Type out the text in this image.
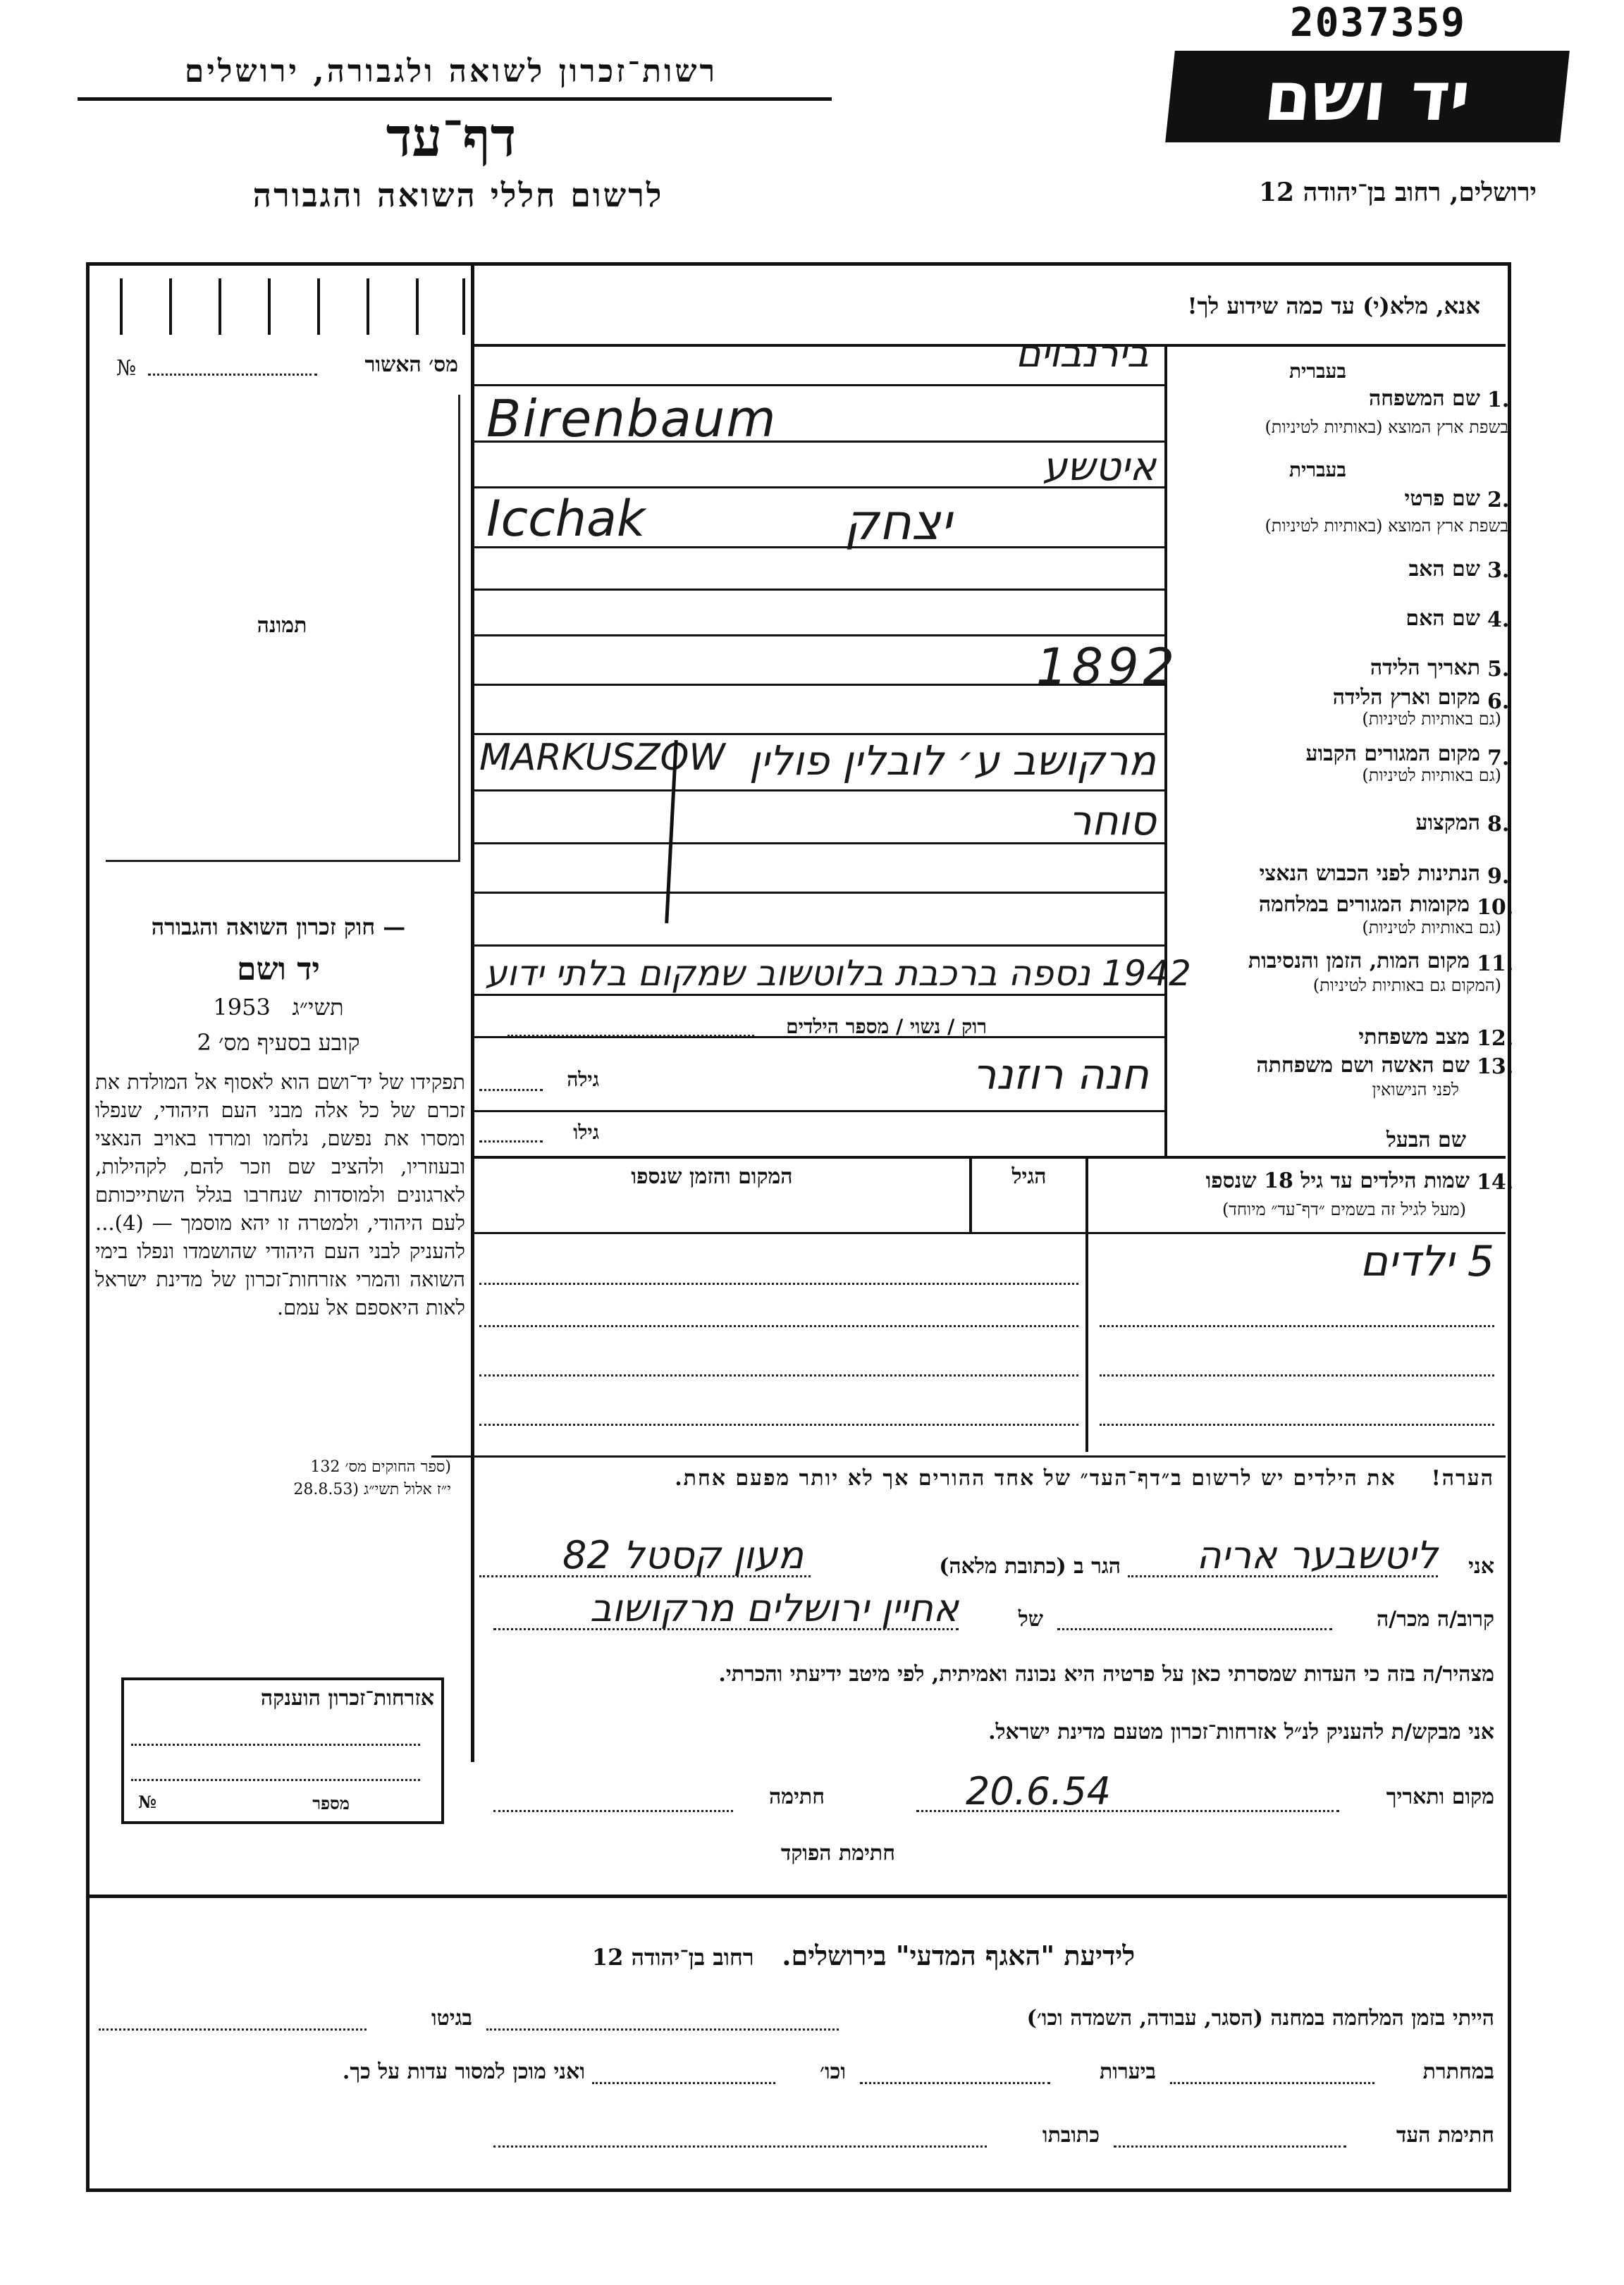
2037359
רשות־זכרון לשואה ולגבורה, ירושלים
דף־עד
לרשום חללי השואה והגבורה
יד ושם
ירושלים, רחוב בן־יהודה 12
№	מס׳ האשור
תמונה
— חוק זכרון השואה והגבורה
יד ושם
תשי״ג   1953
קובע בסעיף מס׳ 2
תפקידו של יד־ושם הוא לאסוף אל המולדת את זכרם של כל אלה מבני העם היהודי, שנפלו ומסרו את נפשם, נלחמו ומרדו באויב הנאצי ובעוזריו, ולהציב שם וזכר להם, לקהילות, לארגונים ולמוסדות שנחרבו בגלל השתייכותם לעם היהודי, ולמטרה זו יהא מוסמך — (4)... להעניק לבני העם היהודי שהושמדו ונפלו בימי השואה והמרי אזרחות־זכרון של מדינת ישראל לאות היאספם אל עמם.
(ספר החוקים מס׳ 132
י״ז אלול תשי״ג (28.8.53
אזרחות־זכרון הוענקה
מספר
№
אנא, מלא(י) עד כמה שידוע לך!
בעברית
1.
שם המשפחה
בשפת ארץ המוצא (באותיות לטיניות)
בעברית
2.
שם פרטי
בשפת ארץ המוצא (באותיות לטיניות)
3.
שם האב
4.
שם האם
5.
תאריך הלידה
6.
מקום וארץ הלידה
(גם באותיות לטיניות)
7.
מקום המגורים הקבוע
(גם באותיות לטיניות)
8.
המקצוע
9.
הנתינות לפני הכבוש הנאצי
10.
מקומות המגורים במלחמה
(גם באותיות לטיניות)
11.
מקום המות, הזמן והנסיבות
(המקום גם באותיות לטיניות)
12.
מצב משפחתי
13.
שם האשה ושם משפחתה
לפני הנישואין
שם הבעל
בירנבוים
Birenbaum
איטשע
יצחק
Icchak
1892
MARKUSZOW מרקושב ע׳ לובלין פולין
סוחר
1942 נספה ברכבת בלוטשוב שמקום בלתי ידוע
רוק / נשוי / מספר הילדים
חנה רוזנר
גילה
גילו
14.
שמות הילדים עד גיל 18 שנספו
(מעל לגיל זה בשמים ״דף־עד״ מיוחד)
הגיל
המקום והזמן שנספו
5 ילדים
הערה!    את הילדים יש לרשום ב״דף־העד״ של אחד ההורים אך לא יותר מפעם אחת.
אני
ליטשבער אריה
הגר ב (כתובת מלאה)
מעון קסטל 82
קרוב/ה מכר/ה
של
אחיין ירושלים מרקושוב
מצהיר/ה בזה כי העדות שמסרתי כאן על פרטיה היא נכונה ואמיתית, לפי מיטב ידיעתי והכרתי.
אני מבקש/ת להעניק לנ״ל אזרחות־זכרון מטעם מדינת ישראל.
מקום ותאריך
20.6.54
חתימה
חתימת הפוקד
לידיעת "האגף המדעי" בירושלים.   רחוב בן־יהודה 12
הייתי בזמן המלחמה במחנה (הסגר, עבודה, השמדה וכו׳)
בגיטו
במחתרת
ביערות
וכו׳
ואני מוכן למסור עדות על כך.
חתימת העד
כתובתו
